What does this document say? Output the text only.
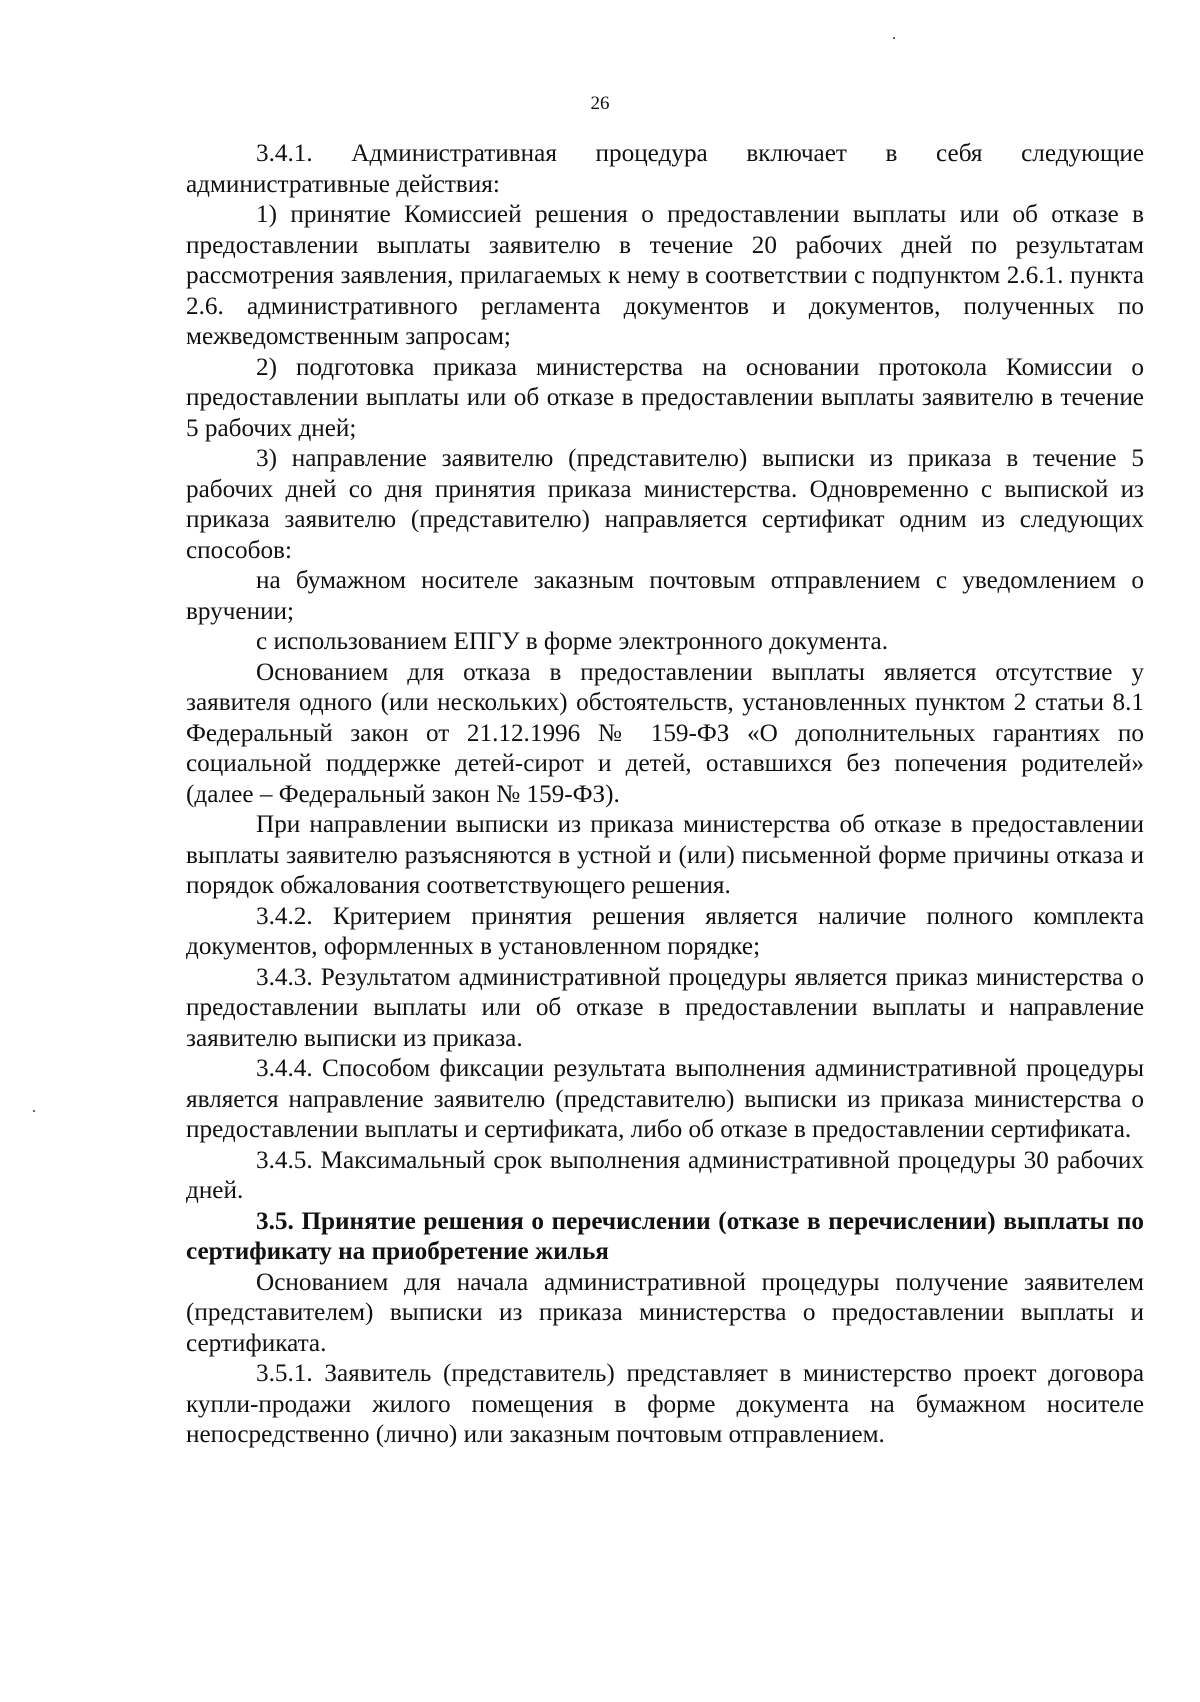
26

3.4.1. Административная процедура включает в себя следующие административные действия:

1) принятие Комиссией решения о предоставлении выплаты или об отказе в предоставлении выплаты заявителю в течение 20 рабочих дней по результатам рассмотрения заявления, прилагаемых к нему в соответствии с подпунктом 2.6.1. пункта 2.6. административного регламента документов и документов, полученных по межведомственным запросам;

2) подготовка приказа министерства на основании протокола Комиссии о предоставлении выплаты или об отказе в предоставлении выплаты заявителю в течение 5 рабочих дней;

3) направление заявителю (представителю) выписки из приказа в течение 5 рабочих дней со дня принятия приказа министерства. Одновременно с выпиской из приказа заявителю (представителю) направляется сертификат одним из следующих способов:

на бумажном носителе заказным почтовым отправлением с уведомлением о вручении;

с использованием ЕПГУ в форме электронного документа.

Основанием для отказа в предоставлении выплаты является отсутствие у заявителя одного (или нескольких) обстоятельств, установленных пунктом 2 статьи 8.1 Федеральный закон от 21.12.1996 № 159-ФЗ «О дополнительных гарантиях по социальной поддержке детей-сирот и детей, оставшихся без попечения родителей» (далее – Федеральный закон № 159-ФЗ).

При направлении выписки из приказа министерства об отказе в предоставлении выплаты заявителю разъясняются в устной и (или) письменной форме причины отказа и порядок обжалования соответствующего решения.

3.4.2. Критерием принятия решения является наличие полного комплекта документов, оформленных в установленном порядке;

3.4.3. Результатом административной процедуры является приказ министерства о предоставлении выплаты или об отказе в предоставлении выплаты и направление заявителю выписки из приказа.

3.4.4. Способом фиксации результата выполнения административной процедуры является направление заявителю (представителю) выписки из приказа министерства о предоставлении выплаты и сертификата, либо об отказе в предоставлении сертификата.

3.4.5. Максимальный срок выполнения административной процедуры 30 рабочих дней.

3.5. Принятие решения о перечислении (отказе в перечислении) выплаты по сертификату на приобретение жилья

Основанием для начала административной процедуры получение заявителем (представителем) выписки из приказа министерства о предоставлении выплаты и сертификата.

3.5.1. Заявитель (представитель) представляет в министерство проект договора купли-продажи жилого помещения в форме документа на бумажном носителе непосредственно (лично) или заказным почтовым отправлением.
